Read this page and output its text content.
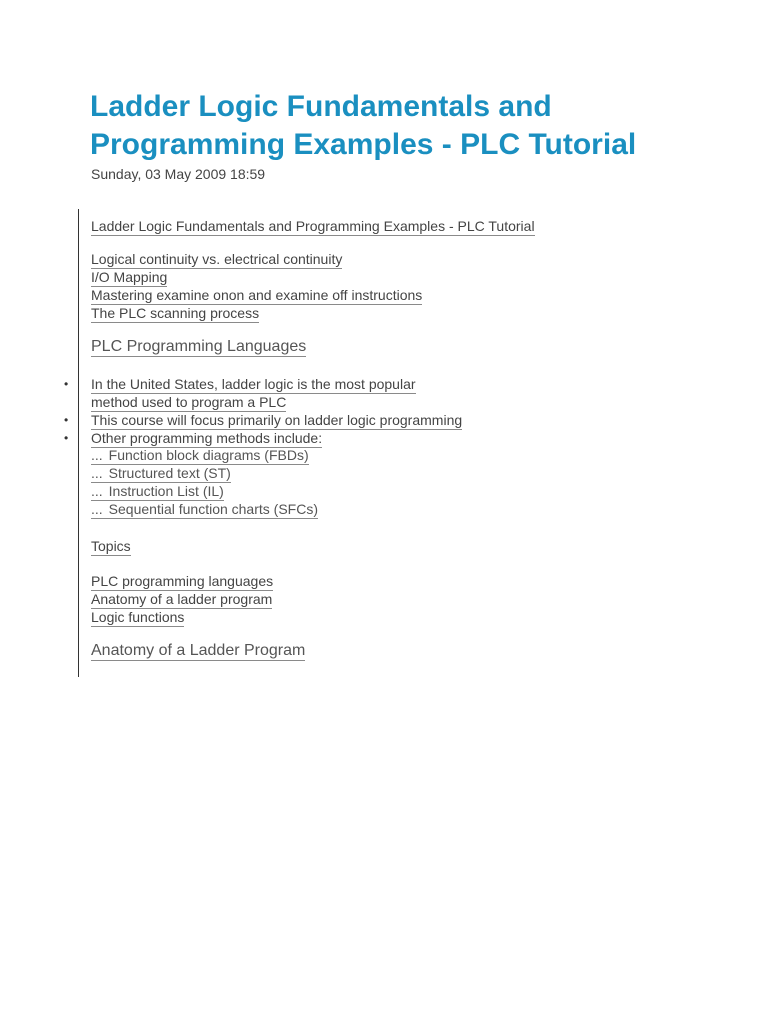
Ladder Logic Fundamentals and Programming Examples - PLC Tutorial
Sunday, 03 May 2009 18:59
Ladder Logic Fundamentals and Programming Examples - PLC Tutorial
Logical continuity vs. electrical continuity
I/O Mapping
Mastering examine onon and examine off instructions
The PLC scanning process
PLC Programming Languages
• In the United States, ladder logic is the most popular
method used to program a PLC
• This course will focus primarily on ladder logic programming
• Other programming methods include:
... Function block diagrams (FBDs)
... Structured text (ST)
... Instruction List (IL)
... Sequential function charts (SFCs)
Topics
PLC programming languages
Anatomy of a ladder program
Logic functions
Anatomy of a Ladder Program
